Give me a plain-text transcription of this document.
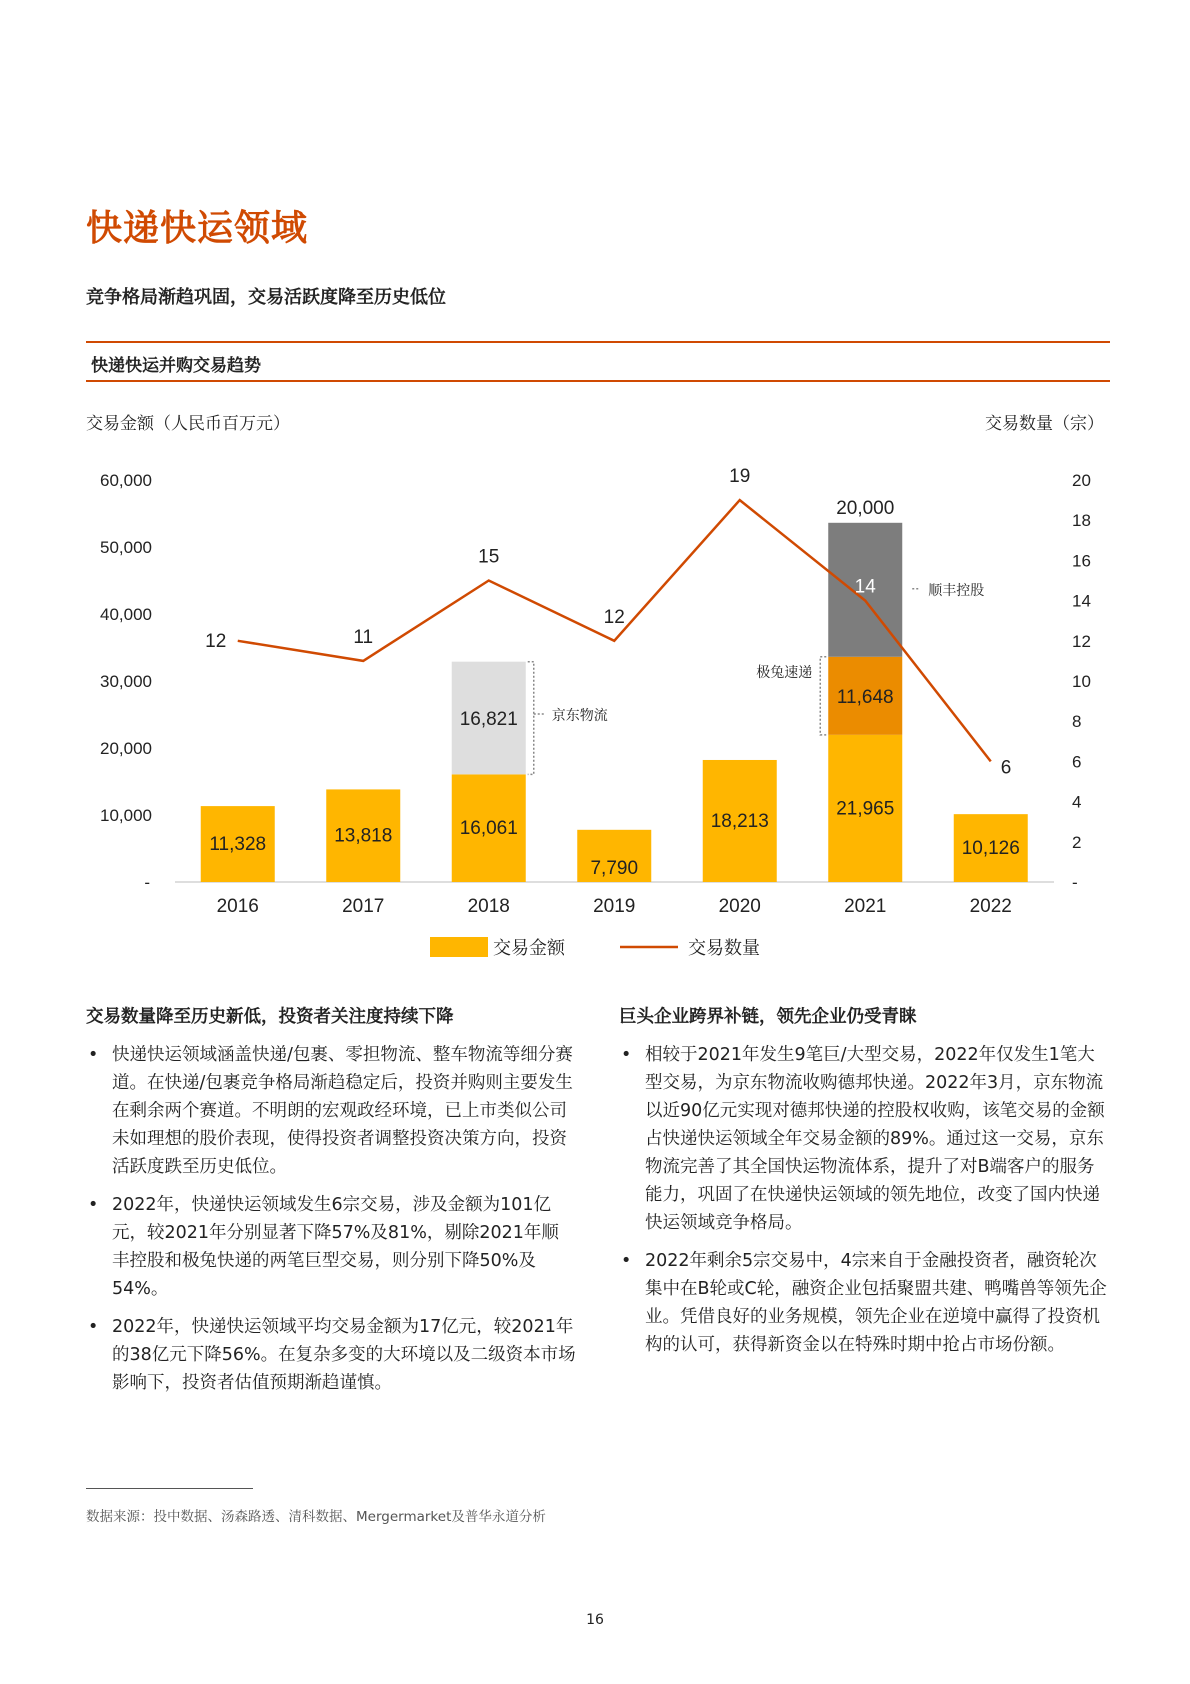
快递快运领域
竞争格局渐趋巩固，交易活跃度降至历史低位
快递快运并购交易趋势
交易金额（人民币百万元）	交易数量（宗）
-
10,000
20,000
30,000
40,000
50,000
60,000
-
2
4
6
8
10
12
14
16
18
20
11,328	13,818	16,061
7,790
18,213
21,965
10,126
16,821 京东物流
11,648
极兔速递
20,000
顺丰控股
12	11
15
12
19
14
6
2016	2017	2018	2019	2020	2021	2022
交易金额	交易数量
交易数量降至历史新低，投资者关注度持续下降
• 快递快运领域涵盖快递/包裹、零担物流、整车物流等细分赛道。在快递/包裹竞争格局渐趋稳定后，投资并购则主要发生在剩余两个赛道。不明朗的宏观政经环境，已上市类似公司未如理想的股价表现，使得投资者调整投资决策方向，投资活跃度跌至历史低位。
• 2022年，快递快运领域发生6宗交易，涉及金额为101亿元，较2021年分别显著下降57%及81%，剔除2021年顺丰控股和极兔快递的两笔巨型交易，则分别下降50%及54%。
• 2022年，快递快运领域平均交易金额为17亿元，较2021年的38亿元下降56%。在复杂多变的大环境以及二级资本市场影响下，投资者估值预期渐趋谨慎。
巨头企业跨界补链，领先企业仍受青睐
• 相较于2021年发生9笔巨/大型交易，2022年仅发生1笔大型交易，为京东物流收购德邦快递。2022年3月，京东物流以近90亿元实现对德邦快递的控股权收购，该笔交易的金额占快递快运领域全年交易金额的89%。通过这一交易，京东物流完善了其全国快运物流体系，提升了对B端客户的服务能力，巩固了在快递快运领域的领先地位，改变了国内快递快运领域竞争格局。
• 2022年剩余5宗交易中，4宗来自于金融投资者，融资轮次集中在B轮或C轮，融资企业包括聚盟共建、鸭嘴兽等领先企业。凭借良好的业务规模，领先企业在逆境中赢得了投资机构的认可，获得新资金以在特殊时期中抢占市场份额。
数据来源：投中数据、汤森路透、清科数据、Mergermarket及普华永道分析
16
